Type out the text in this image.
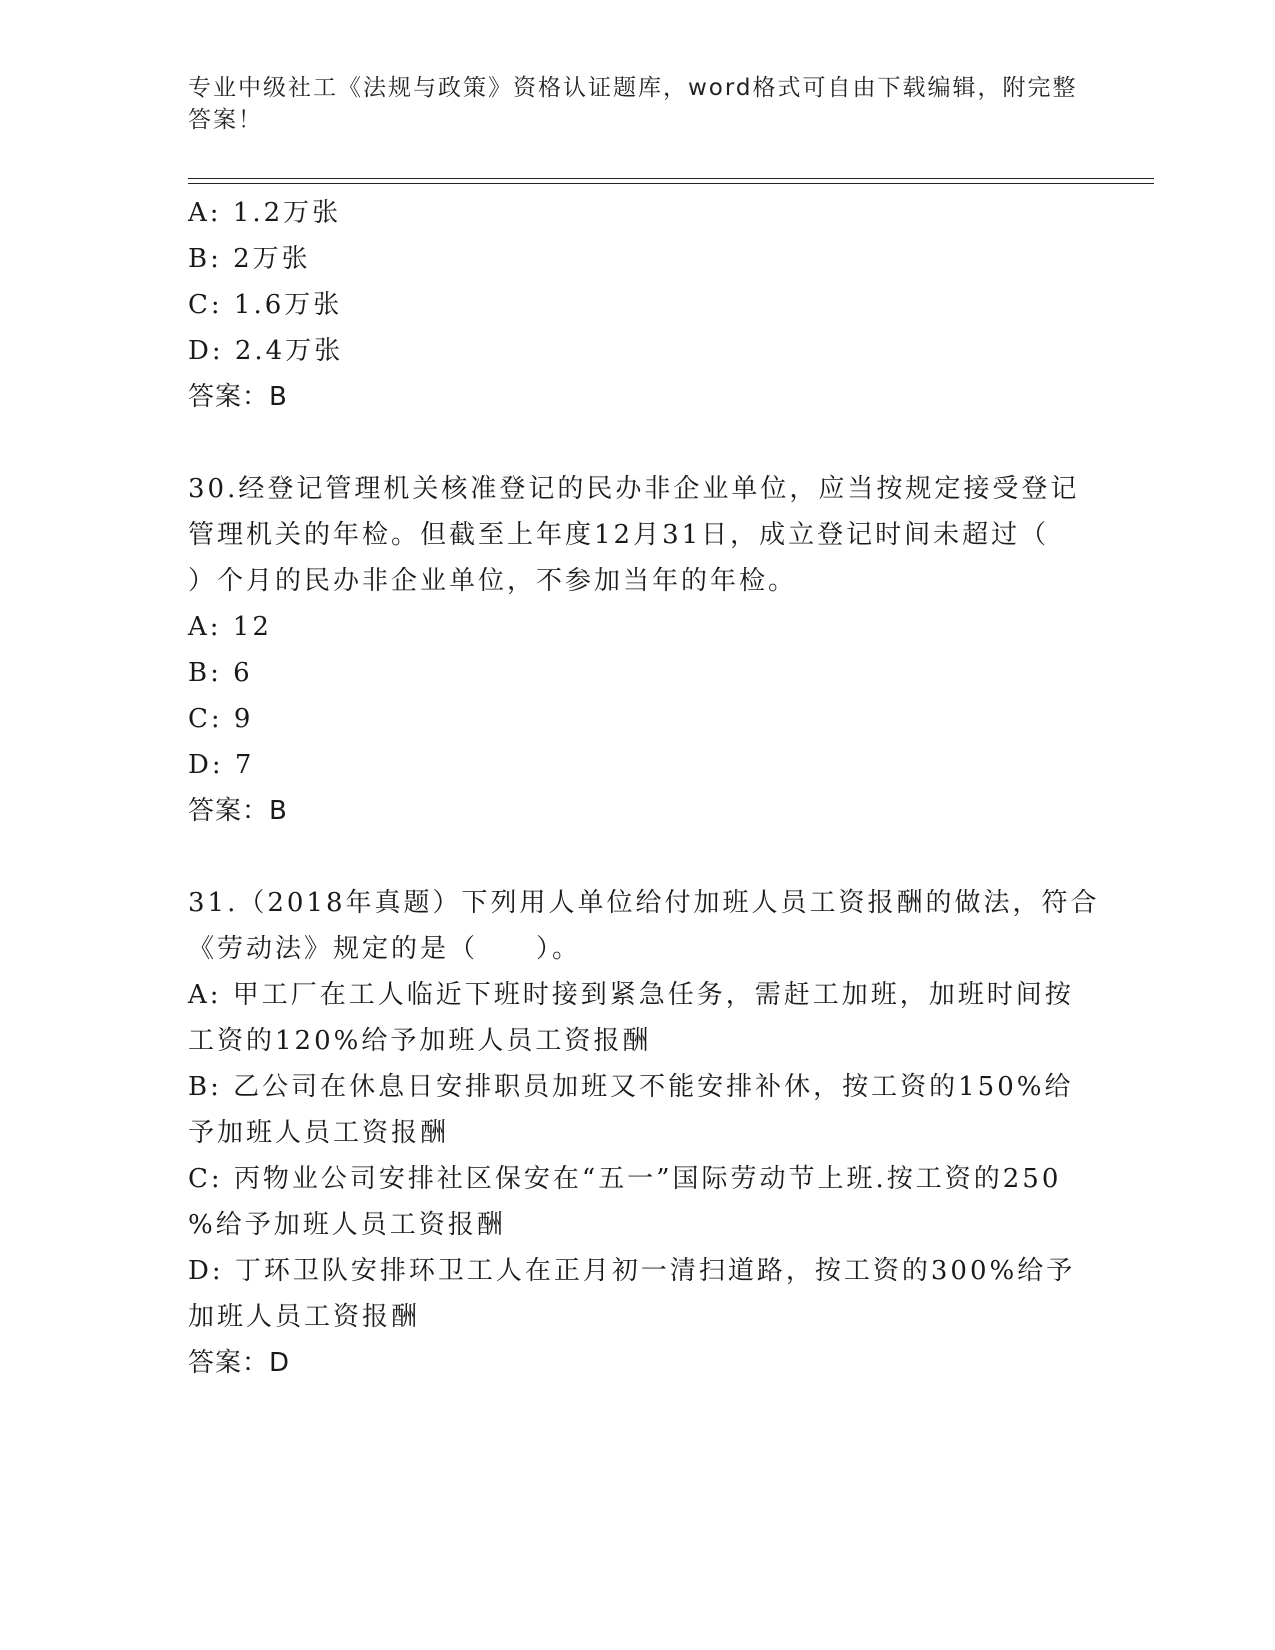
专业中级社工《法规与政策》资格认证题库，word格式可自由下载编辑，附完整
答案！
A: 1.2万张
B: 2万张
C: 1.6万张
D: 2.4万张
答案：B
30.经登记管理机关核准登记的民办非企业单位，应当按规定接受登记
管理机关的年检。但截至上年度12月31日，成立登记时间未超过（
）个月的民办非企业单位，不参加当年的年检。
A: 12
B: 6
C: 9
D: 7
答案：B
31.（2018年真题）下列用人单位给付加班人员工资报酬的做法，符合
《劳动法》规定的是（　　）。
A: 甲工厂在工人临近下班时接到紧急任务，需赶工加班，加班时间按
工资的120%给予加班人员工资报酬
B: 乙公司在休息日安排职员加班又不能安排补休，按工资的150%给
予加班人员工资报酬
C: 丙物业公司安排社区保安在“五一”国际劳动节上班.按工资的250
%给予加班人员工资报酬
D: 丁环卫队安排环卫工人在正月初一清扫道路，按工资的300%给予
加班人员工资报酬
答案：D
